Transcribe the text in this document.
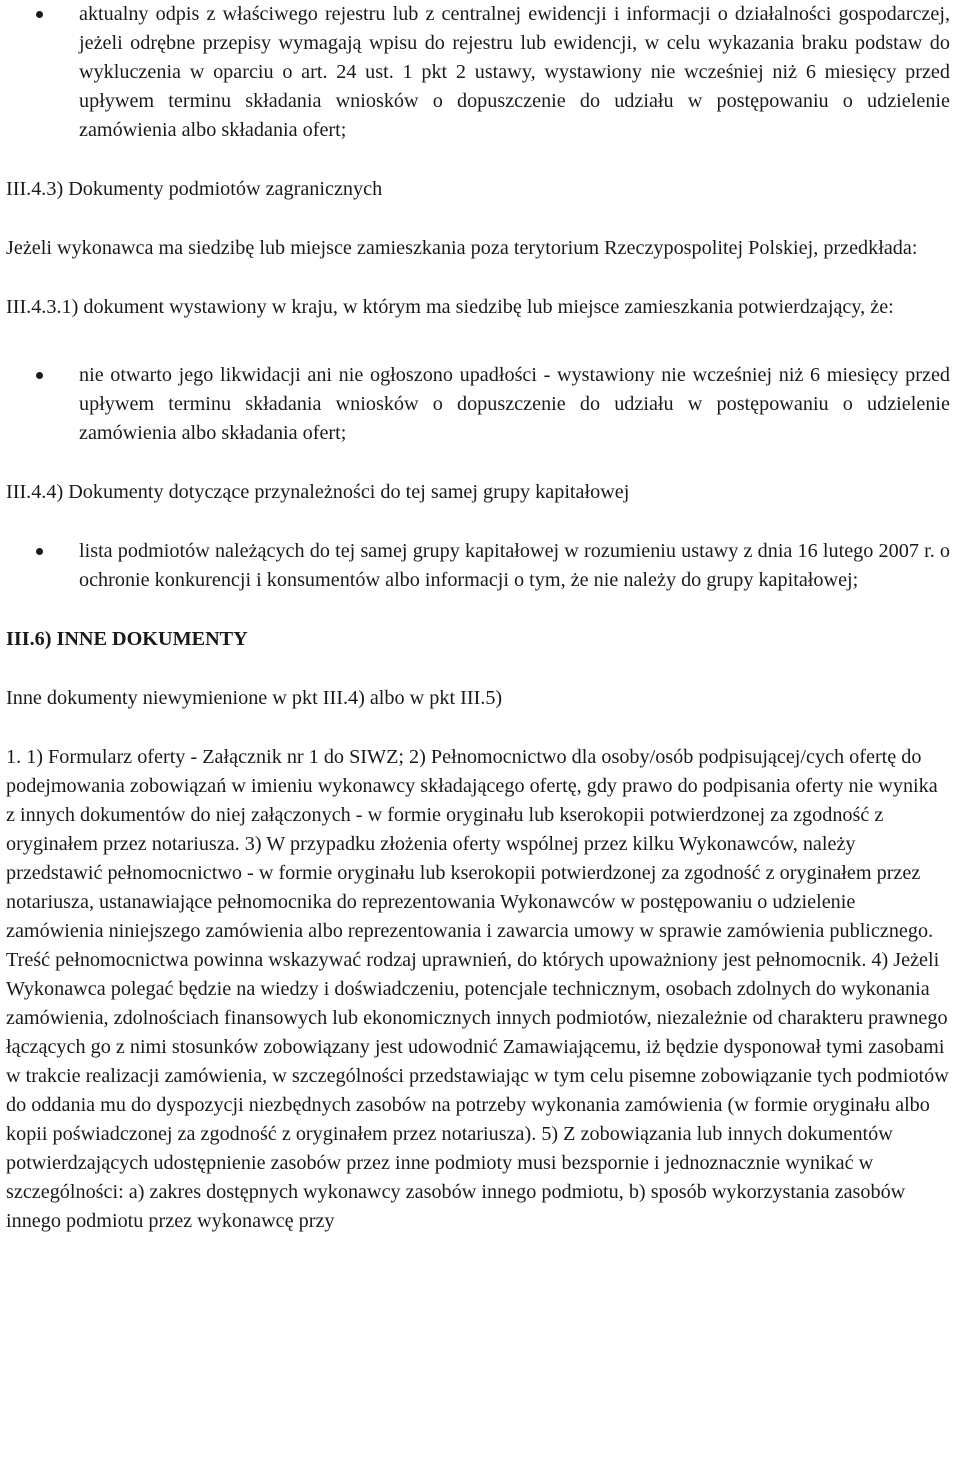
aktualny odpis z właściwego rejestru lub z centralnej ewidencji i informacji o działalności gospodarczej, jeżeli odrębne przepisy wymagają wpisu do rejestru lub ewidencji, w celu wykazania braku podstaw do wykluczenia w oparciu o art. 24 ust. 1 pkt 2 ustawy, wystawiony nie wcześniej niż 6 miesięcy przed upływem terminu składania wniosków o dopuszczenie do udziału w postępowaniu o udzielenie zamówienia albo składania ofert;

III.4.3) Dokumenty podmiotów zagranicznych

Jeżeli wykonawca ma siedzibę lub miejsce zamieszkania poza terytorium Rzeczypospolitej Polskiej, przedkłada:

III.4.3.1) dokument wystawiony w kraju, w którym ma siedzibę lub miejsce zamieszkania potwierdzający, że:

nie otwarto jego likwidacji ani nie ogłoszono upadłości - wystawiony nie wcześniej niż 6 miesięcy przed upływem terminu składania wniosków o dopuszczenie do udziału w postępowaniu o udzielenie zamówienia albo składania ofert;

III.4.4) Dokumenty dotyczące przynależności do tej samej grupy kapitałowej

lista podmiotów należących do tej samej grupy kapitałowej w rozumieniu ustawy z dnia 16 lutego 2007 r. o ochronie konkurencji i konsumentów albo informacji o tym, że nie należy do grupy kapitałowej;

III.6) INNE DOKUMENTY

Inne dokumenty niewymienione w pkt III.4) albo w pkt III.5)

1. 1) Formularz oferty - Załącznik nr 1 do SIWZ; 2) Pełnomocnictwo dla osoby/osób podpisującej/cych ofertę do podejmowania zobowiązań w imieniu wykonawcy składającego ofertę, gdy prawo do podpisania oferty nie wynika z innych dokumentów do niej załączonych - w formie oryginału lub kserokopii potwierdzonej za zgodność z oryginałem przez notariusza. 3) W przypadku złożenia oferty wspólnej przez kilku Wykonawców, należy przedstawić pełnomocnictwo - w formie oryginału lub kserokopii potwierdzonej za zgodność z oryginałem przez notariusza, ustanawiające pełnomocnika do reprezentowania Wykonawców w postępowaniu o udzielenie zamówienia niniejszego zamówienia albo reprezentowania i zawarcia umowy w sprawie zamówienia publicznego. Treść pełnomocnictwa powinna wskazywać rodzaj uprawnień, do których upoważniony jest pełnomocnik. 4) Jeżeli Wykonawca polegać będzie na wiedzy i doświadczeniu, potencjale technicznym, osobach zdolnych do wykonania zamówienia, zdolnościach finansowych lub ekonomicznych innych podmiotów, niezależnie od charakteru prawnego łączących go z nimi stosunków zobowiązany jest udowodnić Zamawiającemu, iż będzie dysponował tymi zasobami w trakcie realizacji zamówienia, w szczególności przedstawiając w tym celu pisemne zobowiązanie tych podmiotów do oddania mu do dyspozycji niezbędnych zasobów na potrzeby wykonania zamówienia (w formie oryginału albo kopii poświadczonej za zgodność z oryginałem przez notariusza). 5) Z zobowiązania lub innych dokumentów potwierdzających udostępnienie zasobów przez inne podmioty musi bezspornie i jednoznacznie wynikać w szczególności: a) zakres dostępnych wykonawcy zasobów innego podmiotu, b) sposób wykorzystania zasobów innego podmiotu przez wykonawcę przy
